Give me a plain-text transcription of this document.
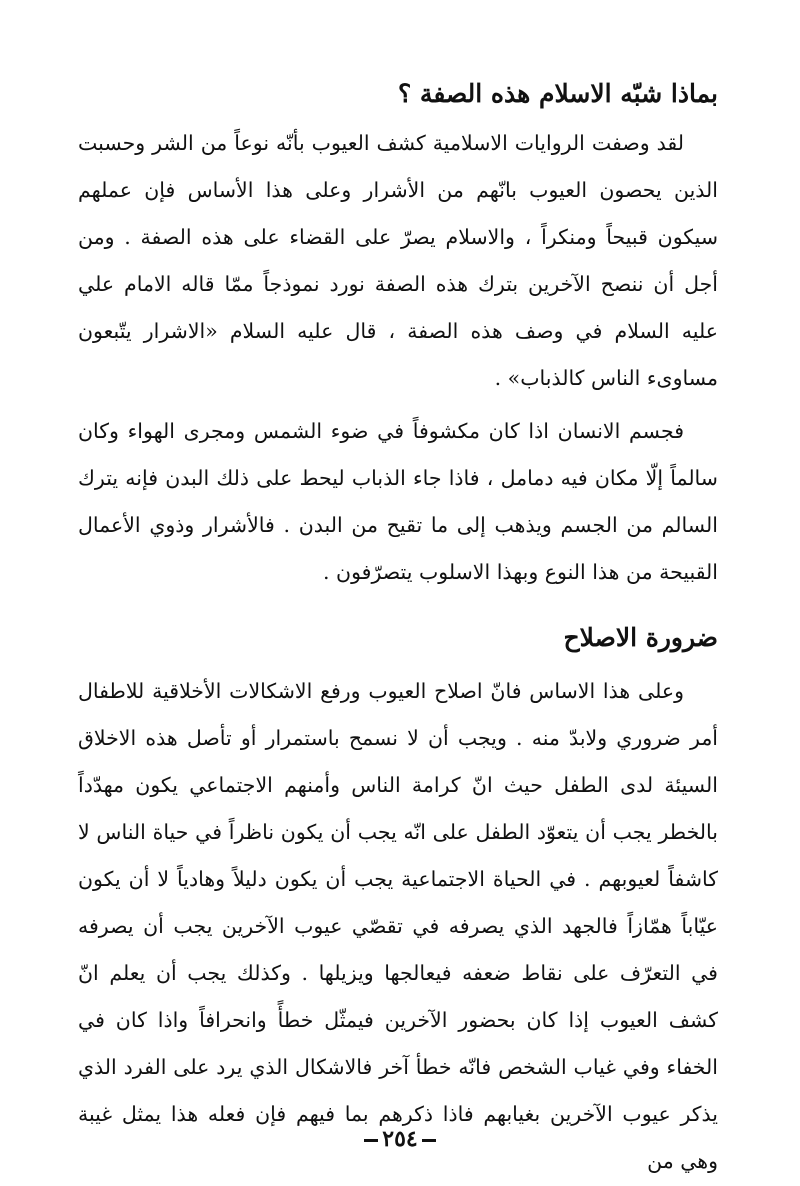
بماذا شبّه الاسلام هذه الصفة ؟

لقد وصفت الروايات الاسلامية كشف العيوب بأنّه نوعاً من الشر وحسبت الذين يحصون العيوب بانّهم من الأشرار وعلى هذا الأساس فإن عملهم سيكون قبيحاً ومنكراً ، والاسلام يصرّ على القضاء على هذه الصفة . ومن أجل أن ننصح الآخرين بترك هذه الصفة نورد نموذجاً ممّا قاله الامام علي عليه السلام في وصف هذه الصفة ، قال عليه السلام «الاشرار يتّبعون مساوىء الناس كالذباب» .

فجسم الانسان اذا كان مكشوفاً في ضوء الشمس ومجرى الهواء وكان سالماً إلّا مكان فيه دمامل ، فاذا جاء الذباب ليحط على ذلك البدن فإنه يترك السالم من الجسم ويذهب إلى ما تقيح من البدن . فالأشرار وذوي الأعمال القبيحة من هذا النوع وبهذا الاسلوب يتصرّفون .

ضرورة الاصلاح

وعلى هذا الاساس فانّ اصلاح العيوب ورفع الاشكالات الأخلاقية للاطفال أمر ضروري ولابدّ منه . ويجب أن لا نسمح باستمرار أو تأصل هذه الاخلاق السيئة لدى الطفل حيث انّ كرامة الناس وأمنهم الاجتماعي يكون مهدّداً بالخطر يجب أن يتعوّد الطفل على انّه يجب أن يكون ناظراً في حياة الناس لا كاشفاً لعيوبهم . في الحياة الاجتماعية يجب أن يكون دليلاً وهادياً لا أن يكون عيّاباً همّازاً فالجهد الذي يصرفه في تقصّي عيوب الآخرين يجب أن يصرفه في التعرّف على نقاط ضعفه فيعالجها ويزيلها . وكذلك يجب أن يعلم انّ كشف العيوب إذا كان بحضور الآخرين فيمثّل خطأً وانحرافاً واذا كان في الخفاء وفي غياب الشخص فانّه خطأ آخر فالاشكال الذي يرد على الفرد الذي يذكر عيوب الآخرين بغيابهم فاذا ذكرهم بما فيهم فإن فعله هذا يمثل غيبة وهي من

٢٥٤
